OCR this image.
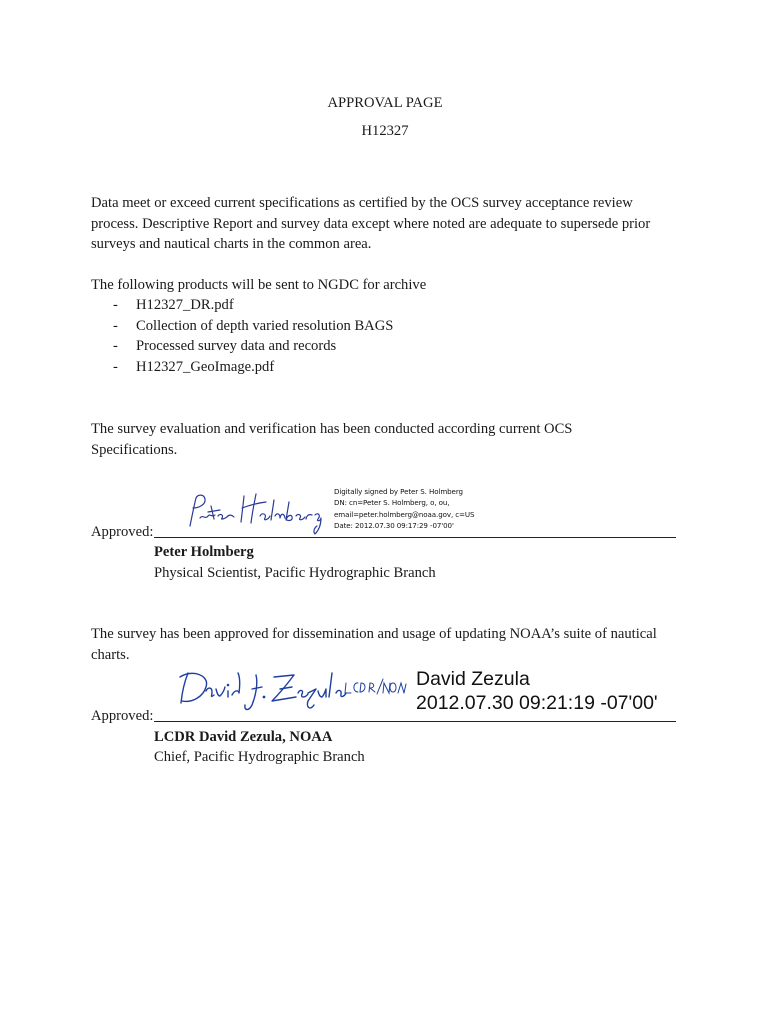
APPROVAL PAGE
H12327
Data meet or exceed current specifications as certified by the OCS survey acceptance review
process. Descriptive Report and survey data except where noted are adequate to supersede prior
surveys and nautical charts in the common area.
The following products will be sent to NGDC for archive
- H12327_DR.pdf
- Collection of depth varied resolution BAGS
- Processed survey data and records
- H12327_GeoImage.pdf
The survey evaluation and verification has been conducted according current OCS
Specifications.
Digitally signed by Peter S. Holmberg
DN: cn=Peter S. Holmberg, o, ou,
email=peter.holmberg@noaa.gov, c=US
Date: 2012.07.30 09:17:29 -07'00'
Approved:
Peter Holmberg
Physical Scientist, Pacific Hydrographic Branch
The survey has been approved for dissemination and usage of updating NOAA’s suite of nautical
charts.
David Zezula
2012.07.30 09:21:19 -07'00'
Approved:
LCDR David Zezula, NOAA
Chief, Pacific Hydrographic Branch
